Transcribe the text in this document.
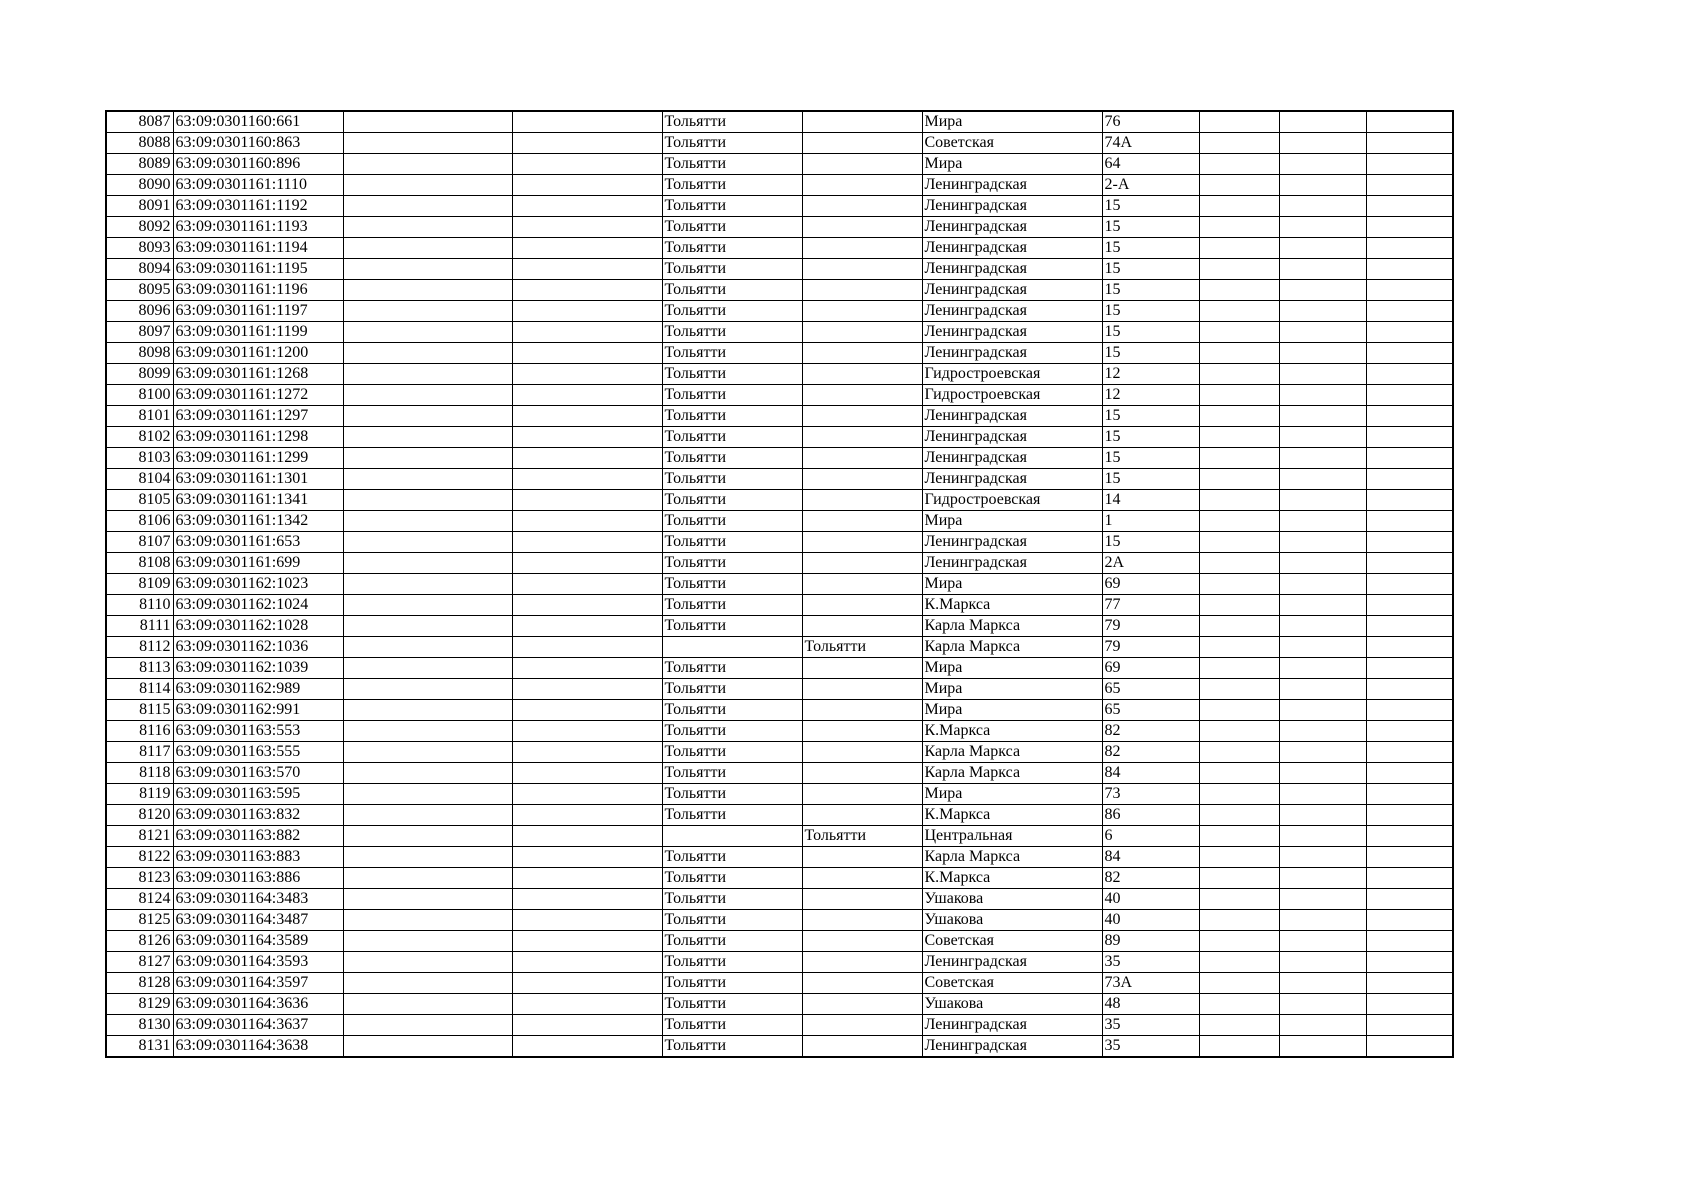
8087	63:09:0301160:661			Тольятти		Мира	76			
8088	63:09:0301160:863			Тольятти		Советская	74А			
8089	63:09:0301160:896			Тольятти		Мира	64			
8090	63:09:0301161:1110			Тольятти		Ленинградская	2-А			
8091	63:09:0301161:1192			Тольятти		Ленинградская	15			
8092	63:09:0301161:1193			Тольятти		Ленинградская	15			
8093	63:09:0301161:1194			Тольятти		Ленинградская	15			
8094	63:09:0301161:1195			Тольятти		Ленинградская	15			
8095	63:09:0301161:1196			Тольятти		Ленинградская	15			
8096	63:09:0301161:1197			Тольятти		Ленинградская	15			
8097	63:09:0301161:1199			Тольятти		Ленинградская	15			
8098	63:09:0301161:1200			Тольятти		Ленинградская	15			
8099	63:09:0301161:1268			Тольятти		Гидростроевская	12			
8100	63:09:0301161:1272			Тольятти		Гидростроевская	12			
8101	63:09:0301161:1297			Тольятти		Ленинградская	15			
8102	63:09:0301161:1298			Тольятти		Ленинградская	15			
8103	63:09:0301161:1299			Тольятти		Ленинградская	15			
8104	63:09:0301161:1301			Тольятти		Ленинградская	15			
8105	63:09:0301161:1341			Тольятти		Гидростроевская	14			
8106	63:09:0301161:1342			Тольятти		Мира	1			
8107	63:09:0301161:653			Тольятти		Ленинградская	15			
8108	63:09:0301161:699			Тольятти		Ленинградская	2А			
8109	63:09:0301162:1023			Тольятти		Мира	69			
8110	63:09:0301162:1024			Тольятти		К.Маркса	77			
8111	63:09:0301162:1028			Тольятти		Карла Маркса	79			
8112	63:09:0301162:1036				Тольятти	Карла Маркса	79			
8113	63:09:0301162:1039			Тольятти		Мира	69			
8114	63:09:0301162:989			Тольятти		Мира	65			
8115	63:09:0301162:991			Тольятти		Мира	65			
8116	63:09:0301163:553			Тольятти		К.Маркса	82			
8117	63:09:0301163:555			Тольятти		Карла Маркса	82			
8118	63:09:0301163:570			Тольятти		Карла Маркса	84			
8119	63:09:0301163:595			Тольятти		Мира	73			
8120	63:09:0301163:832			Тольятти		К.Маркса	86			
8121	63:09:0301163:882				Тольятти	Центральная	6			
8122	63:09:0301163:883			Тольятти		Карла Маркса	84			
8123	63:09:0301163:886			Тольятти		К.Маркса	82			
8124	63:09:0301164:3483			Тольятти		Ушакова	40			
8125	63:09:0301164:3487			Тольятти		Ушакова	40			
8126	63:09:0301164:3589			Тольятти		Советская	89			
8127	63:09:0301164:3593			Тольятти		Ленинградская	35			
8128	63:09:0301164:3597			Тольятти		Советская	73А			
8129	63:09:0301164:3636			Тольятти		Ушакова	48			
8130	63:09:0301164:3637			Тольятти		Ленинградская	35			
8131	63:09:0301164:3638			Тольятти		Ленинградская	35			
